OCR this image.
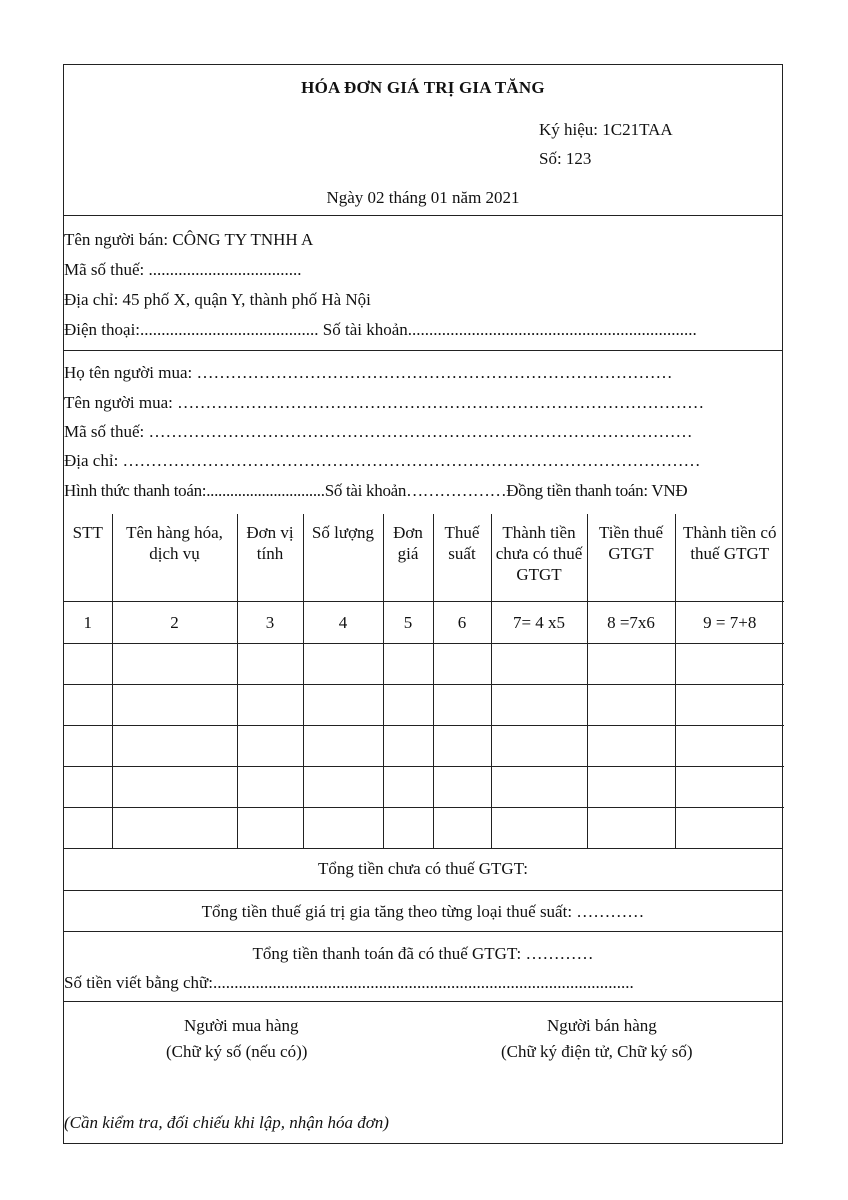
HÓA ĐƠN GIÁ TRỊ GIA TĂNG
Ký hiệu: 1C21TAA
Số: 123
Ngày 02 tháng 01 năm 2021
Tên người bán: CÔNG TY TNHH A
Mã số thuế: ....................................
Địa chỉ: 45 phố X, quận Y, thành phố Hà Nội
Điện thoại:.......................................... Số tài khoản....................................................................
Họ tên người mua: …………………………………………………………………………
Tên người mua: …………………………………………………………………………………
Mã số thuế: ……………………………………………………………………………………
Địa chỉ: …………………………………………………………………………………………
Hình thức thanh toán:..............................Số tài khoản………………Đồng tiền thanh toán: VNĐ
STT	Tên hàng hóa, dịch vụ	Đơn vị tính	Số lượng	Đơn giá	Thuế suất	Thành tiền chưa có thuế GTGT	Tiền thuế GTGT	Thành tiền có thuế GTGT
1	2	3	4	5	6	7= 4 x5	8 =7x6	9 = 7+8

Tổng tiền chưa có thuế GTGT:
Tổng tiền thuế giá trị gia tăng theo từng loại thuế suất: …………
Tổng tiền thanh toán đã có thuế GTGT: …………
Số tiền viết bằng chữ:...................................................................................................
Người mua hàng
(Chữ ký số (nếu có))
Người bán hàng
(Chữ ký điện tử, Chữ ký số)
(Cần kiểm tra, đối chiếu khi lập, nhận hóa đơn)
